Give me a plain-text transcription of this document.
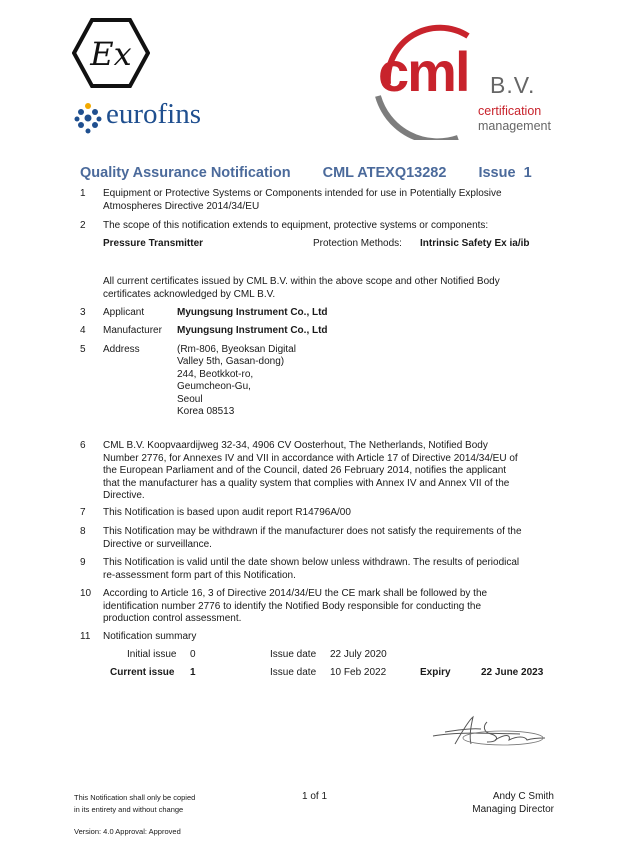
Ex
eurofins
cml B.V.
certification
management
Quality Assurance Notification CML ATEXQ13282 Issue  1
1 Equipment or Protective Systems or Components intended for use in Potentially Explosive
Atmospheres Directive 2014/34/EU
2 The scope of this notification extends to equipment, protective systems or components:
Pressure Transmitter	Protection Methods: Intrinsic Safety Ex ia/ib
All current certificates issued by CML B.V. within the above scope and other Notified Body
certificates acknowledged by CML B.V.
3 Applicant	Myungsung Instrument Co., Ltd
4 Manufacturer Myungsung Instrument Co., Ltd
5 Address	(Rm-806, Byeoksan Digital
Valley 5th, Gasan-dong)
244, Beotkkot-ro,
Geumcheon-Gu,
Seoul
Korea 08513
6 CML B.V. Koopvaardijweg 32-34, 4906 CV Oosterhout, The Netherlands, Notified Body
Number 2776, for Annexes IV and VII in accordance with Article 17 of Directive 2014/34/EU of
the European Parliament and of the Council, dated 26 February 2014, notifies the applicant
that the manufacturer has a quality system that complies with Annex IV and Annex VII of the
Directive.
7 This Notification is based upon audit report R14796A/00
8 This Notification may be withdrawn if the manufacturer does not satisfy the requirements of the
Directive or surveillance.
9 This Notification is valid until the date shown below unless withdrawn. The results of periodical
re-assessment form part of this Notification.
10 According to Article 16, 3 of Directive 2014/34/EU the CE mark shall be followed by the
identification number 2776 to identify the Notified Body responsible for conducting the
production control assessment.
11 Notification summary
Initial issue 0	Issue date 22 July 2020
Current issue 1	Issue date 10 Feb 2022	Expiry	22 June 2023
This Notification shall only be copied
in its entirety and without change
1 of 1	Andy C Smith
Managing Director
Version: 4.0 Approval: Approved
